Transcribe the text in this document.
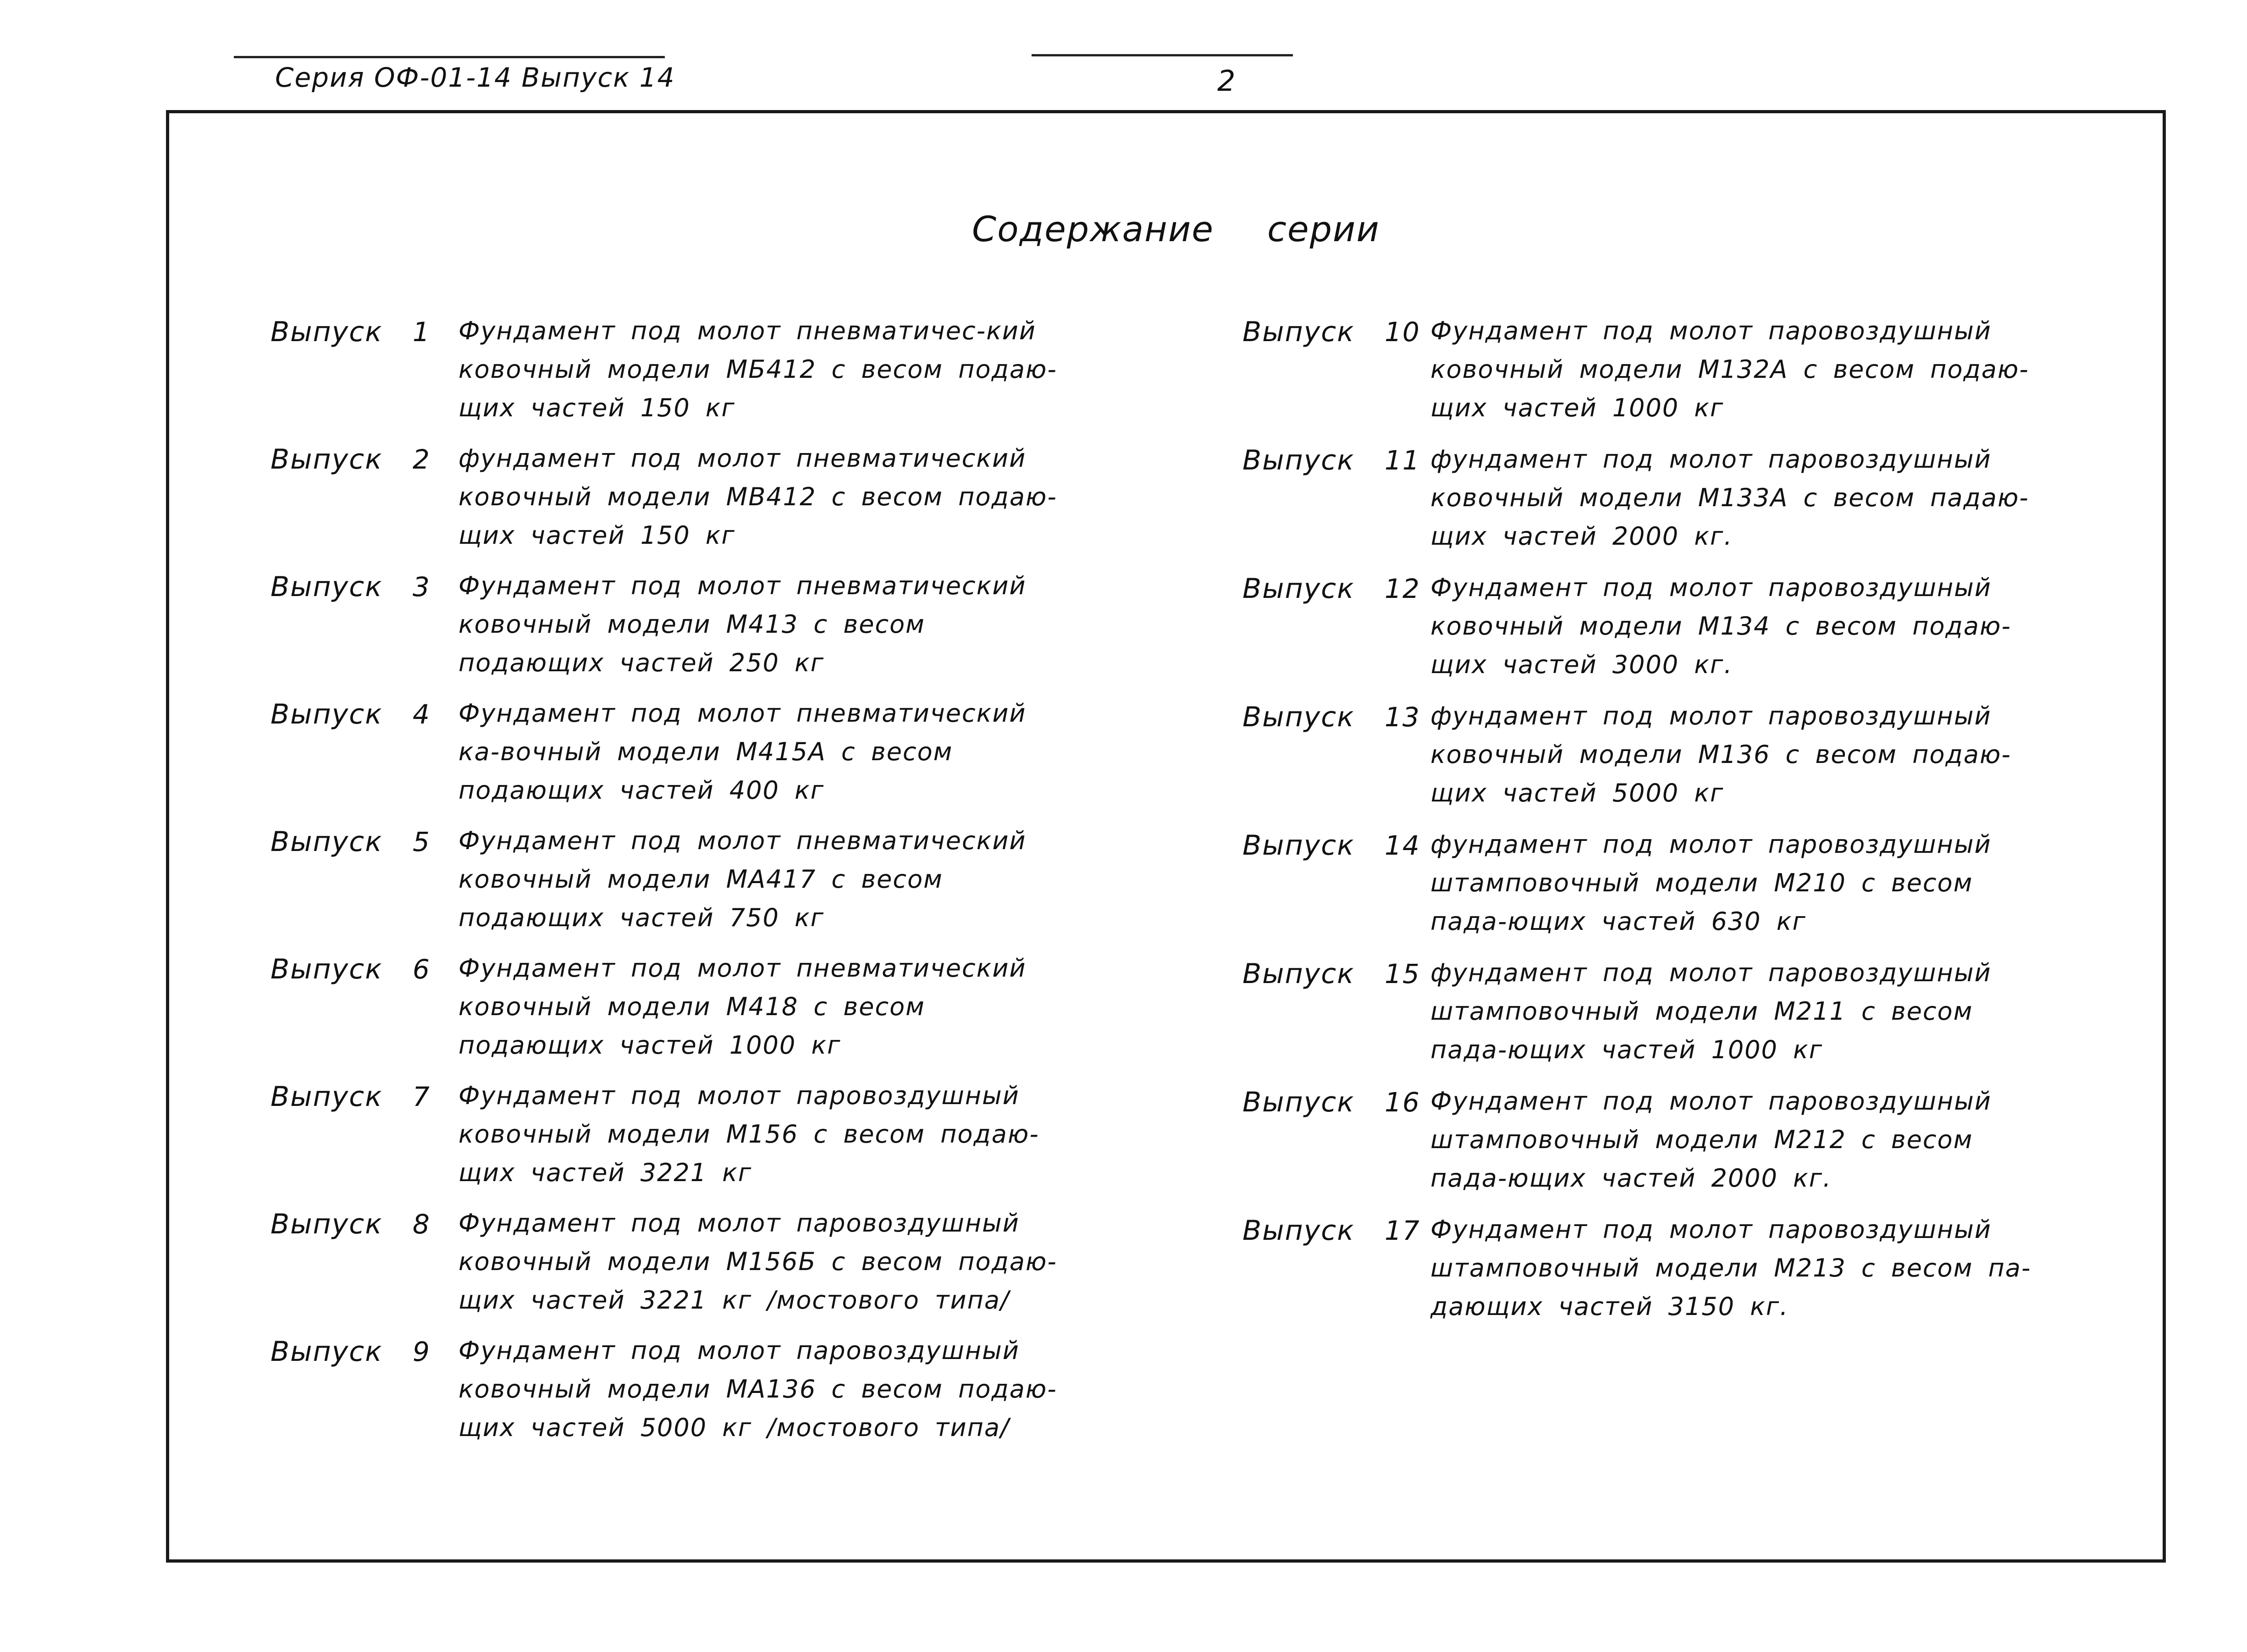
Серия ОФ-01-14 Выпуск 14	2
Содержание серии
Выпуск	1	Фундамент под молот пневматичес-кий ковочный модели МБ412 с весом подаю-щих частей 150 кг
Выпуск	2	фундамент под молот пневматический ковочный модели МВ412 с весом подаю-щих частей 150 кг
Выпуск	3	Фундамент под молот пневматический ковочный модели М413 с весом подающих частей 250 кг
Выпуск	4	Фундамент под молот пневматический ка-вочный модели М415А с весом подающих частей 400 кг
Выпуск	5	Фундамент под молот пневматический ковочный модели МА417 с весом подающих частей 750 кг
Выпуск	6	Фундамент под молот пневматический ковочный модели М418 с весом подающих частей 1000 кг
Выпуск	7	Фундамент под молот паровоздушный ковочный модели М156 с весом подаю-щих частей 3221 кг
Выпуск	8	Фундамент под молот паровоздушный ковочный модели М156Б с весом подаю-щих частей 3221 кг /мостового типа/
Выпуск	9	Фундамент под молот паровоздушный ковочный модели МА136 с весом подаю-щих частей 5000 кг /мостового типа/
Выпуск	10 Фундамент под молот паровоздушный ковочный модели М132А с весом подаю-щих частей 1000 кг
Выпуск	11 фундамент под молот паровоздушный ковочный модели М133А с весом падаю-щих частей 2000 кг.
Выпуск	12 Фундамент под молот паровоздушный ковочный модели М134 с весом подаю-щих частей 3000 кг.
Выпуск	13 фундамент под молот паровоздушный ковочный модели М136 с весом подаю-щих частей 5000 кг
Выпуск	14 фундамент под молот паровоздушный штамповочный модели М210 с весом пада-ющих частей 630 кг
Выпуск	15 фундамент под молот паровоздушный штамповочный модели М211 с весом пада-ющих частей 1000 кг
Выпуск	16 Фундамент под молот паровоздушный штамповочный модели М212 с весом пада-ющих частей 2000 кг.
Выпуск	17 Фундамент под молот паровоздушный штамповочный модели М213 с весом па-дающих частей 3150 кг.
